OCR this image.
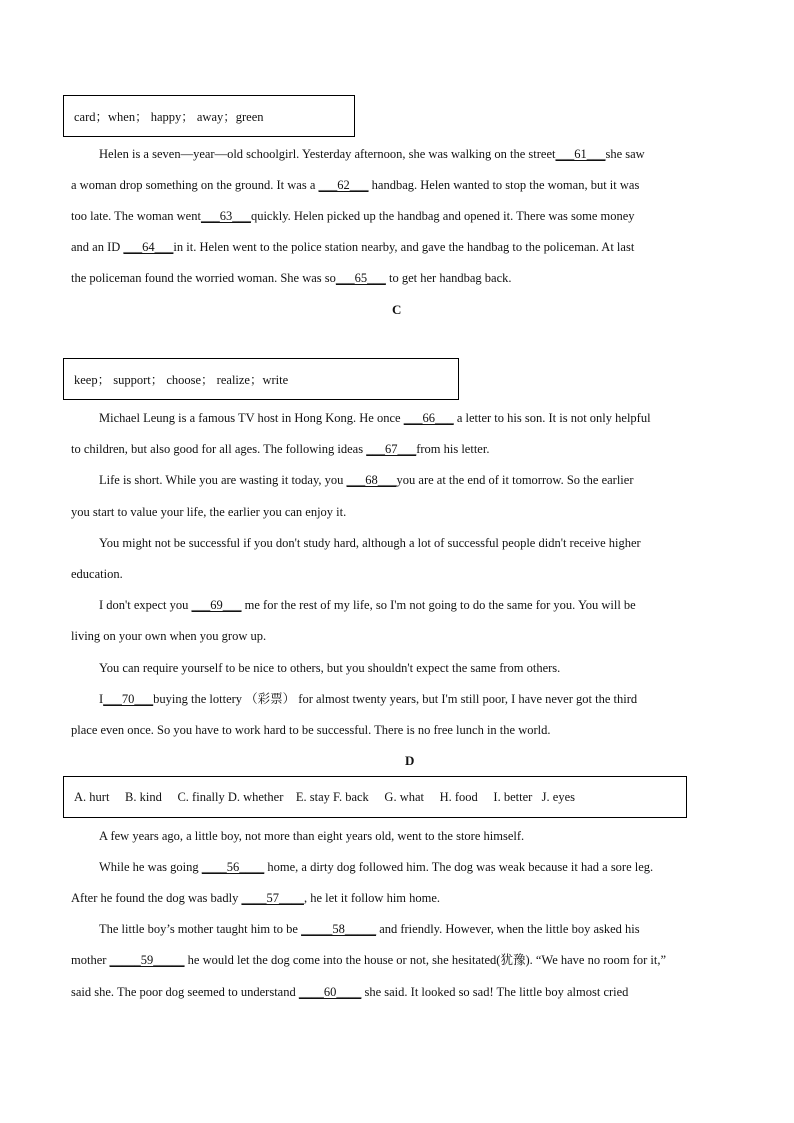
card；when； happy； away；green
Helen is a seven—year—old schoolgirl. Yesterday afternoon, she was walking on the street___61___she saw
a woman drop something on the ground. It was a ___62___ handbag. Helen wanted to stop the woman, but it was
too late. The woman went___63___quickly. Helen picked up the handbag and opened it. There was some money
and an ID ___64___in it. Helen went to the police station nearby, and gave the handbag to the policeman. At last
the policeman found the worried woman. She was so___65___ to get her handbag back.
C
keep； support； choose； realize；write
Michael Leung is a famous TV host in Hong Kong. He once ___66___ a letter to his son. It is not only helpful
to children, but also good for all ages. The following ideas ___67___from his letter.
Life is short. While you are wasting it today, you ___68___you are at the end of it tomorrow. So the earlier
you start to value your life, the earlier you can enjoy it.
You might not be successful if you don't study hard, although a lot of successful people didn't receive higher
education.
I don't expect you ___69___ me for the rest of my life, so I'm not going to do the same for you. You will be
living on your own when you grow up.
You can require yourself to be nice to others, but you shouldn't expect the same from others.
I___70___buying the lottery （彩票） for almost twenty years, but I'm still poor, I have never got the third
place even once. So you have to work hard to be successful. There is no free lunch in the world.
D
A. hurt     B. kind     C. finally D. whether    E. stay F. back     G. what     H. food     I. better   J. eyes
A few years ago, a little boy, not more than eight years old, went to the store himself.
While he was going ____56____ home, a dirty dog followed him. The dog was weak because it had a sore leg.
After he found the dog was badly ____57____, he let it follow him home.
The little boy’s mother taught him to be _____58_____ and friendly. However, when the little boy asked his
mother _____59_____ he would let the dog come into the house or not, she hesitated(犹豫). “We have no room for it,”
said she. The poor dog seemed to understand ____60____ she said. It looked so sad! The little boy almost cried
